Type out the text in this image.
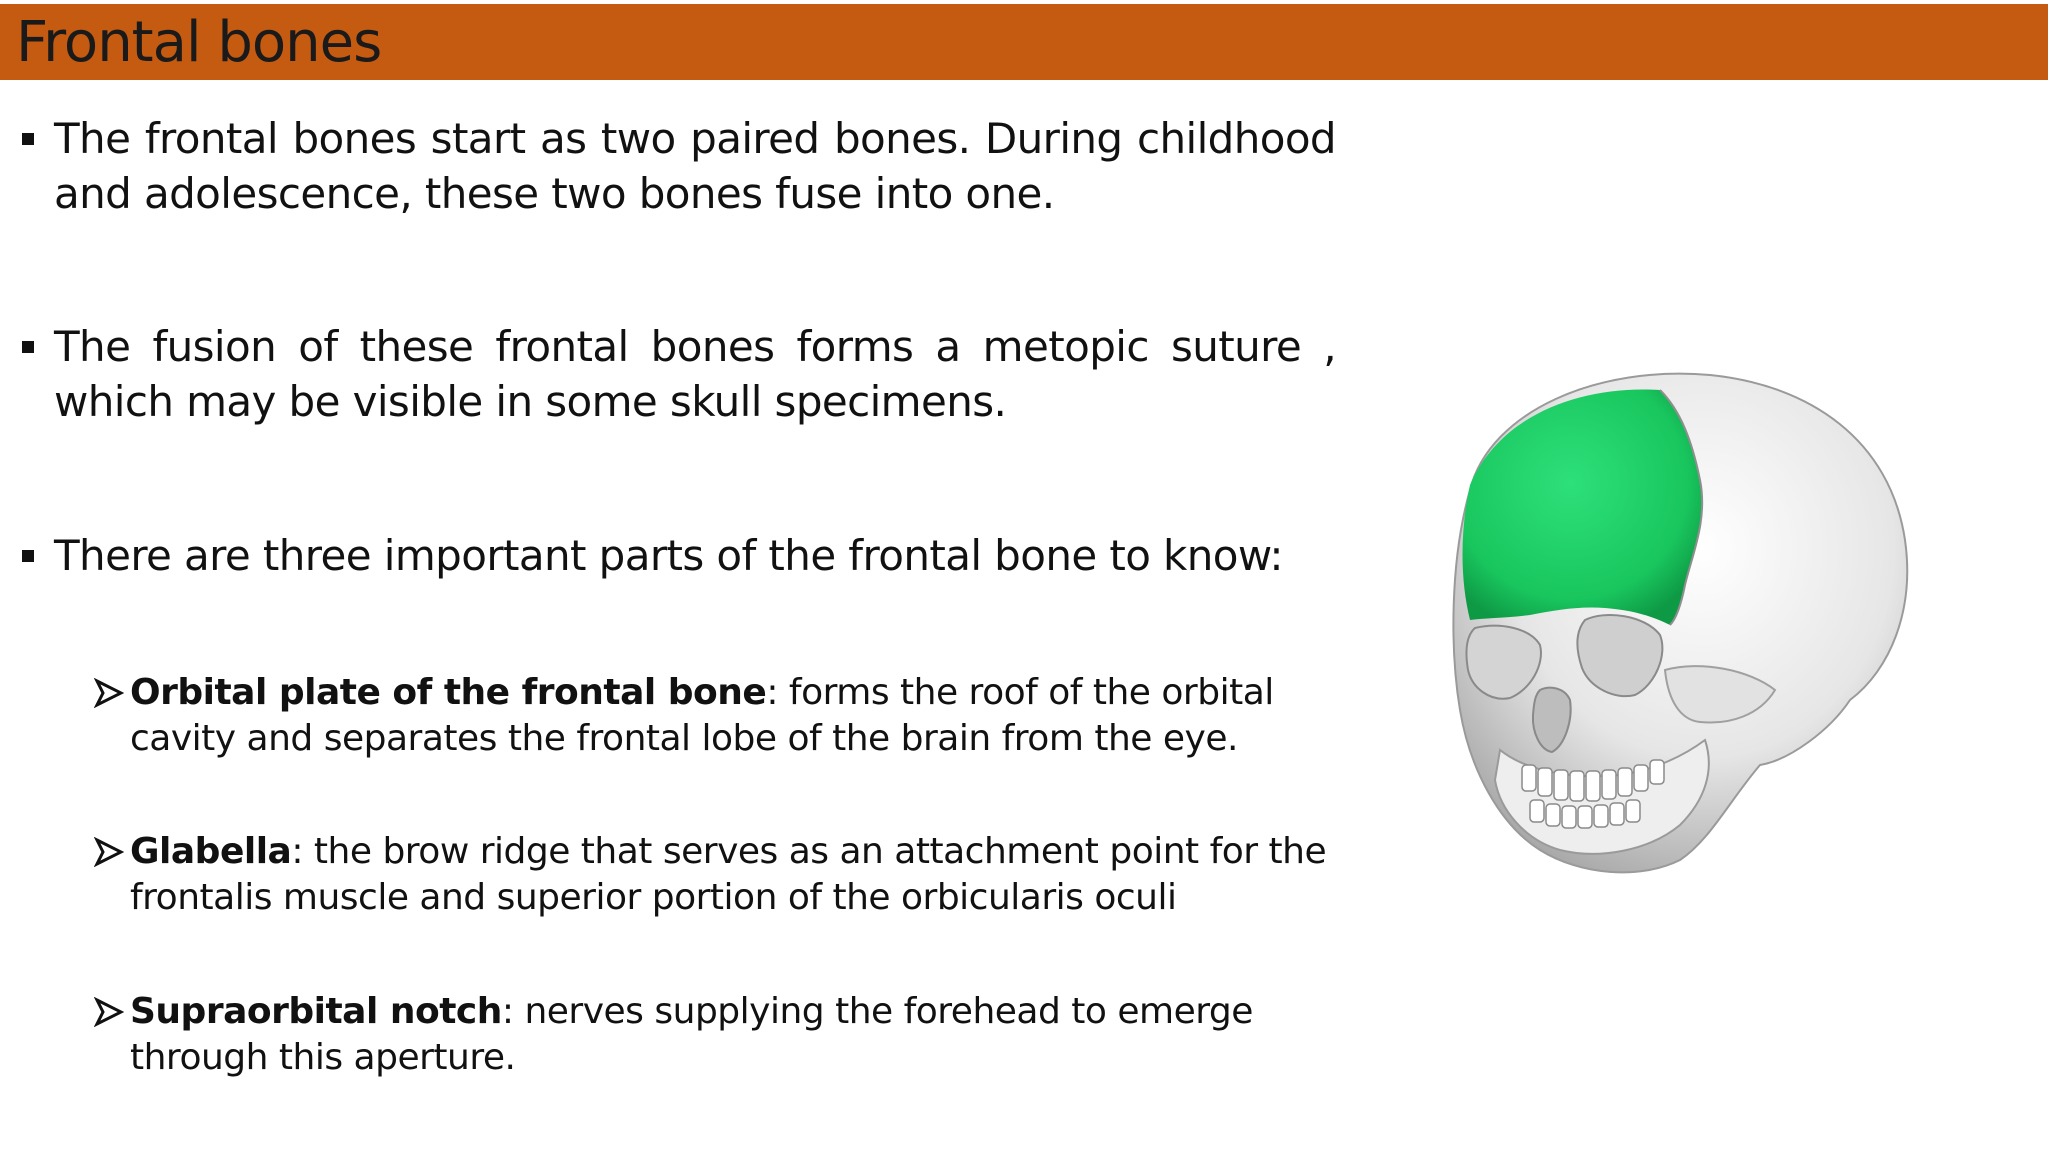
Frontal bones
The frontal bones start as two paired bones. During childhood and adolescence, these two bones fuse into one.
The fusion of these frontal bones forms a metopic suture , which may be visible in some skull specimens.
There are three important parts of the frontal bone to know:
Orbital plate of the frontal bone: forms the roof of the orbital cavity and separates the frontal lobe of the brain from the eye.
Glabella: the brow ridge that serves as an attachment point for the frontalis muscle and superior portion of the orbicularis oculi
Supraorbital notch: nerves supplying the forehead to emerge through this aperture.
